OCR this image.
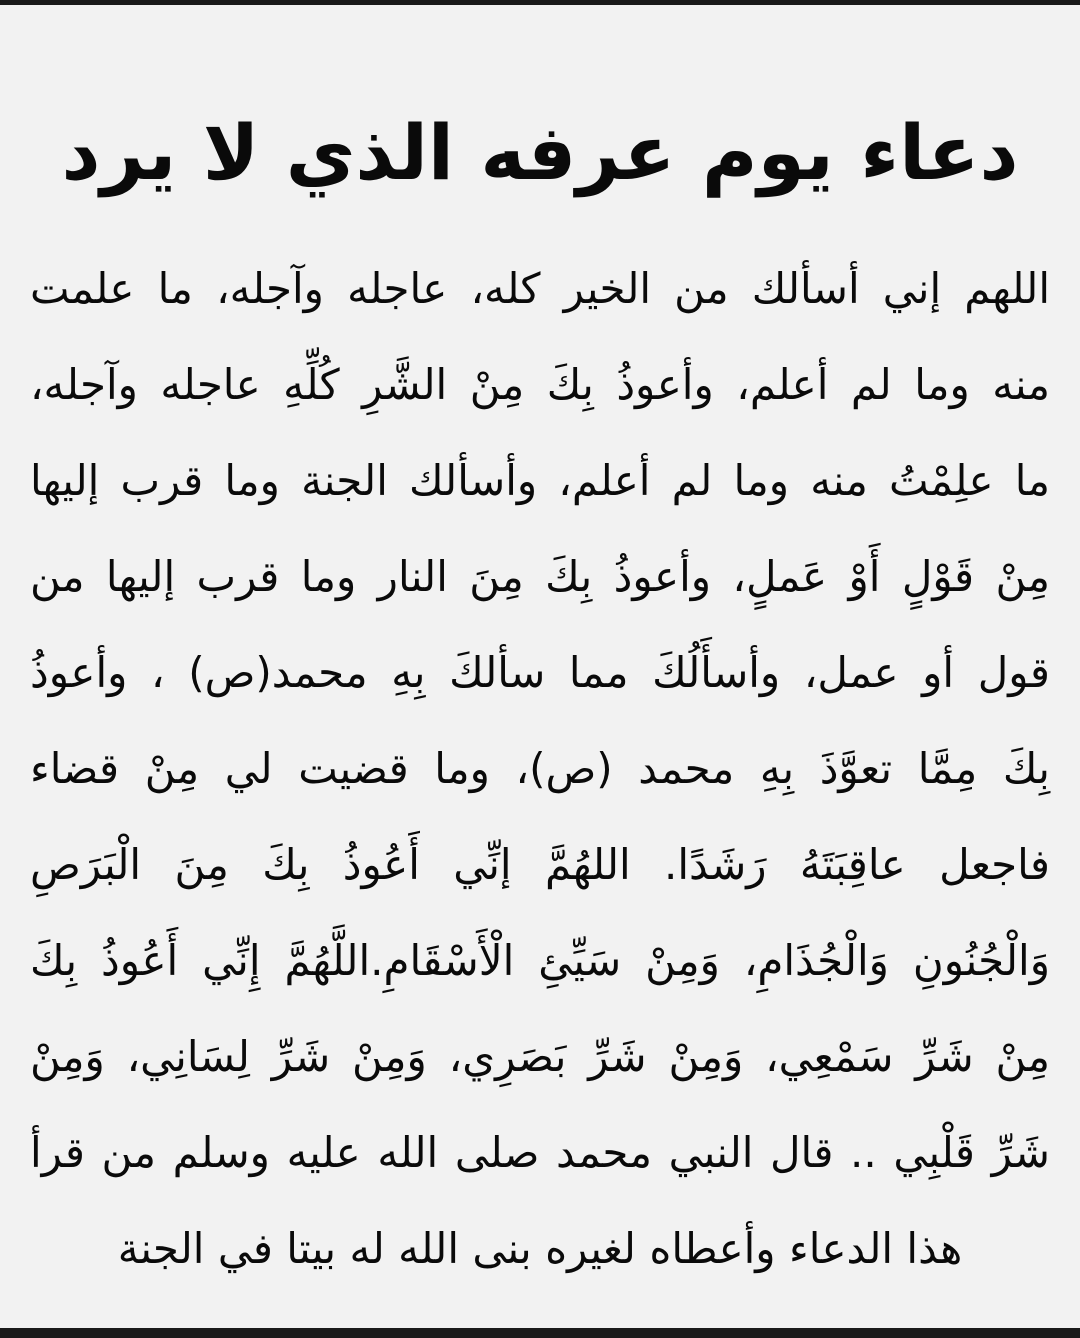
دعاء يوم عرفه الذي لا يرد
اللهم إني أسألك من الخير كله، عاجله وآجله، ما علمت
منه وما لم أعلم، وأعوذُ بِكَ مِنْ الشَّرِ كُلِّهِ عاجله وآجله،
ما علِمْتُ منه وما لم أعلم، وأسألك الجنة وما قرب إليها
مِنْ قَوْلٍ أَوْ عَملٍ، وأعوذُ بِكَ مِنَ النار وما قرب إليها من
قول أو عمل، وأسأَلُكَ مما سألكَ بِهِ محمد(ص) ، وأعوذُ
بِكَ مِمَّا تعوَّذَ بِهِ محمد (ص)، وما قضيت لي مِنْ قضاء
فاجعل عاقِبَتَهُ رَشَدًا. اللهُمَّ إنِّي أَعُوذُ بِكَ مِنَ الْبَرَصِ
وَالْجُنُونِ وَالْجُذَامِ، وَمِنْ سَيِّئِ الْأَسْقَامِ.اللَّهُمَّ إِنِّي أَعُوذُ بِكَ
مِنْ شَرِّ سَمْعِي، وَمِنْ شَرِّ بَصَرِي، وَمِنْ شَرِّ لِسَانِي، وَمِنْ
شَرِّ قَلْبِي .. قال النبي محمد صلى الله عليه وسلم من قرأ
هذا الدعاء وأعطاه لغيره بنى الله له بيتا في الجنة
